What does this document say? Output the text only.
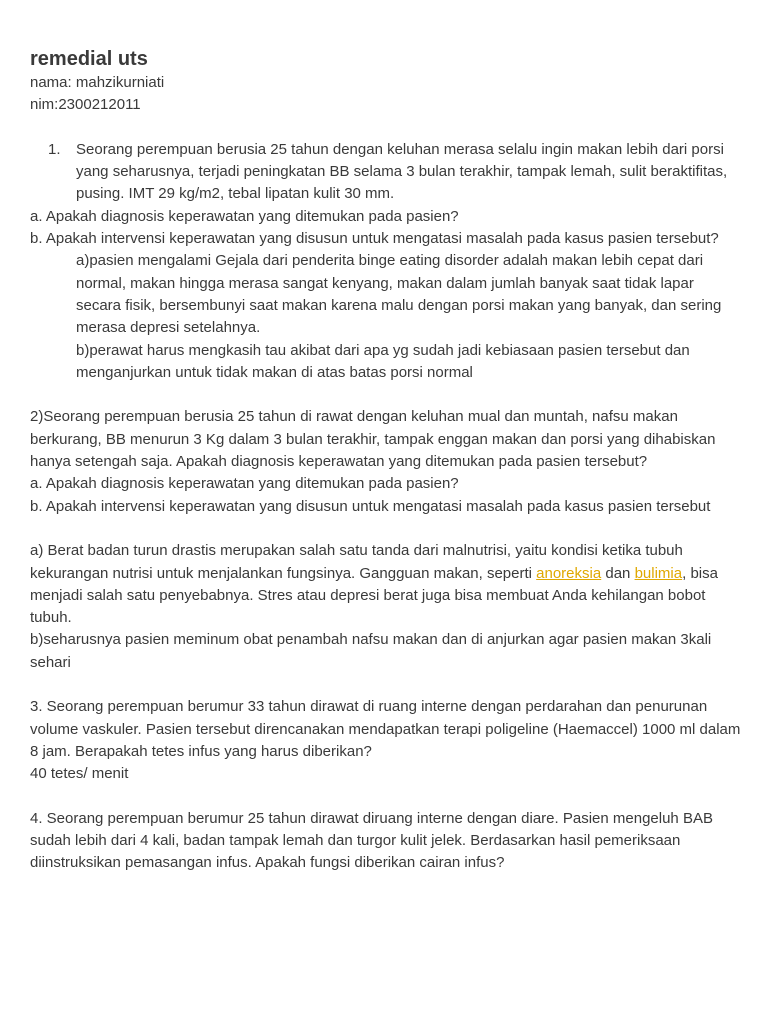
remedial uts

nama: mahzikurniati

nim:2300212011

1.	Seorang perempuan berusia 25 tahun dengan keluhan merasa selalu ingin makan lebih dari porsi yang seharusnya, terjadi peningkatan BB selama 3 bulan terakhir, tampak lemah, sulit beraktifitas, pusing. IMT 29 kg/m2, tebal lipatan kulit 30 mm.

a. Apakah diagnosis keperawatan yang ditemukan pada pasien?

b. Apakah intervensi keperawatan yang disusun untuk mengatasi masalah pada kasus pasien tersebut?

a)pasien mengalami Gejala dari penderita binge eating disorder adalah makan lebih cepat dari normal, makan hingga merasa sangat kenyang, makan dalam jumlah banyak saat tidak lapar secara fisik, bersembunyi saat makan karena malu dengan porsi makan yang banyak, dan sering merasa depresi setelahnya.
b)perawat harus mengkasih tau akibat dari apa yg sudah jadi kebiasaan pasien tersebut dan menganjurkan untuk tidak makan di atas batas porsi normal

2)Seorang perempuan berusia 25 tahun di rawat dengan keluhan mual dan muntah, nafsu makan berkurang, BB menurun 3 Kg dalam 3 bulan terakhir, tampak enggan makan dan porsi yang dihabiskan hanya setengah saja. Apakah diagnosis keperawatan yang ditemukan pada pasien tersebut?

a. Apakah diagnosis keperawatan yang ditemukan pada pasien?

b. Apakah intervensi keperawatan yang disusun untuk mengatasi masalah pada kasus pasien tersebut

a) Berat badan turun drastis merupakan salah satu tanda dari malnutrisi, yaitu kondisi ketika tubuh kekurangan nutrisi untuk menjalankan fungsinya. Gangguan makan, seperti anoreksia dan bulimia, bisa menjadi salah satu penyebabnya. Stres atau depresi berat juga bisa membuat Anda kehilangan bobot tubuh.

b)seharusnya pasien meminum obat penambah nafsu makan dan di anjurkan agar pasien makan 3kali sehari

3. Seorang perempuan berumur 33 tahun dirawat di ruang interne dengan perdarahan dan penurunan volume vaskuler. Pasien tersebut direncanakan mendapatkan terapi poligeline (Haemaccel) 1000 ml dalam 8 jam. Berapakah tetes infus yang harus diberikan?

40 tetes/ menit

4. Seorang perempuan berumur 25 tahun dirawat diruang interne dengan diare. Pasien mengeluh BAB sudah lebih dari 4 kali, badan tampak lemah dan turgor kulit jelek. Berdasarkan hasil pemeriksaan diinstruksikan pemasangan infus. Apakah fungsi diberikan cairan infus?
